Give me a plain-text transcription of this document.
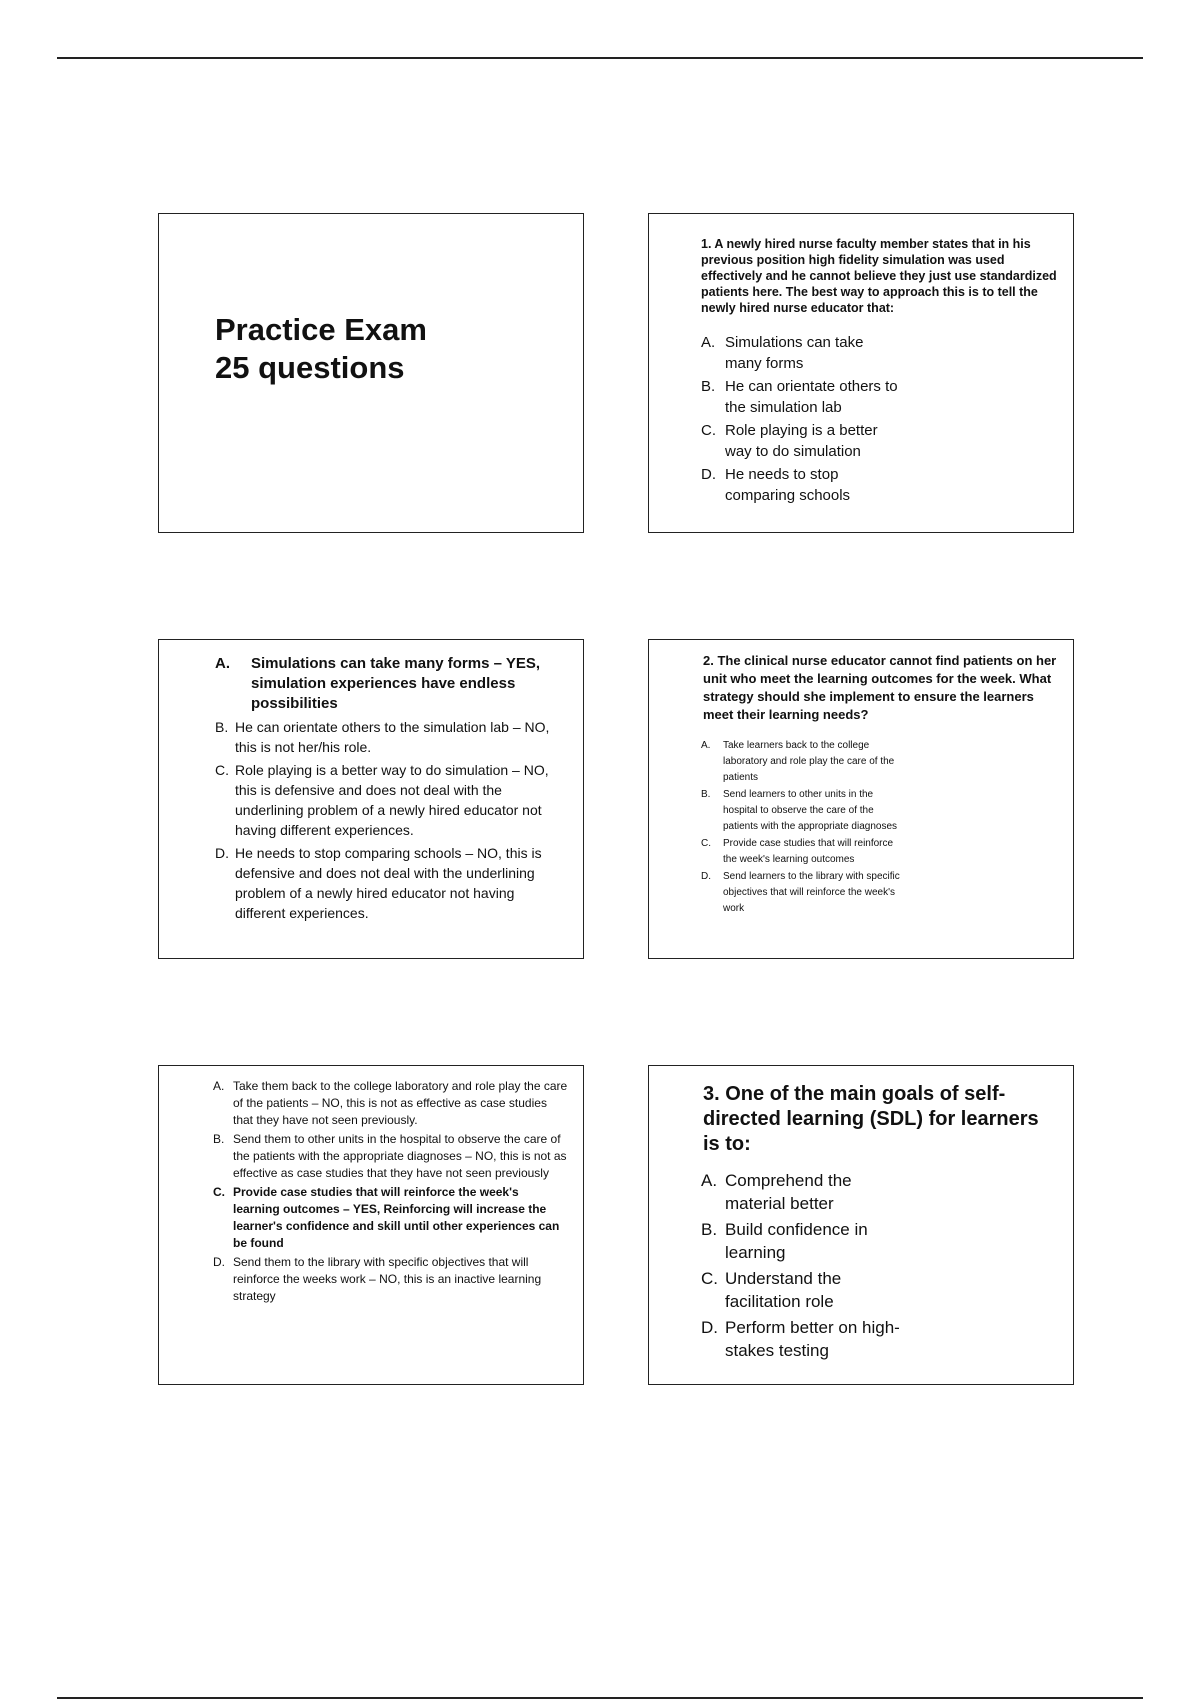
Practice Exam
25 questions
1. A newly hired nurse faculty member states that in his previous position high fidelity simulation was used effectively and he cannot believe they just use standardized patients here. The best way to approach this is to tell the newly hired nurse educator that:
A. Simulations can take many forms
B. He can orientate others to the simulation lab
C. Role playing is a better way to do simulation
D. He needs to stop comparing schools
A.	Simulations can take many forms – YES, simulation experiences have endless possibilities
B. He can orientate others to the simulation lab – NO, this is not her/his role.
C. Role playing is a better way to do simulation – NO, this is defensive and does not deal with the underlining problem of a newly hired educator not having different experiences.
D. He needs to stop comparing schools – NO, this is defensive and does not deal with the underlining problem of a newly hired educator not having different experiences.
2. The clinical nurse educator cannot find patients on her unit who meet the learning outcomes for the week. What strategy should she implement to ensure the learners meet their learning needs?
A.	Take learners back to the college laboratory and role play the care of the patients
B.	Send learners to other units in the hospital to observe the care of the patients with the appropriate diagnoses
C.	Provide case studies that will reinforce the week's learning outcomes
D.	Send learners to the library with specific objectives that will reinforce the week's work
A. Take them back to the college laboratory and role play the care of the patients – NO, this is not as effective as case studies that they have not seen previously.
B. Send them to other units in the hospital to observe the care of the patients with the appropriate diagnoses – NO, this is not as effective as case studies that they have not seen previously
C. Provide case studies that will reinforce the week's learning outcomes – YES, Reinforcing will increase the learner's confidence and skill until other experiences can be found
D. Send them to the library with specific objectives that will reinforce the weeks work – NO, this is an inactive learning strategy
3. One of the main goals of self-directed learning (SDL) for learners is to:
A. Comprehend the material better
B. Build confidence in learning
C. Understand the facilitation role
D. Perform better on high-stakes testing
